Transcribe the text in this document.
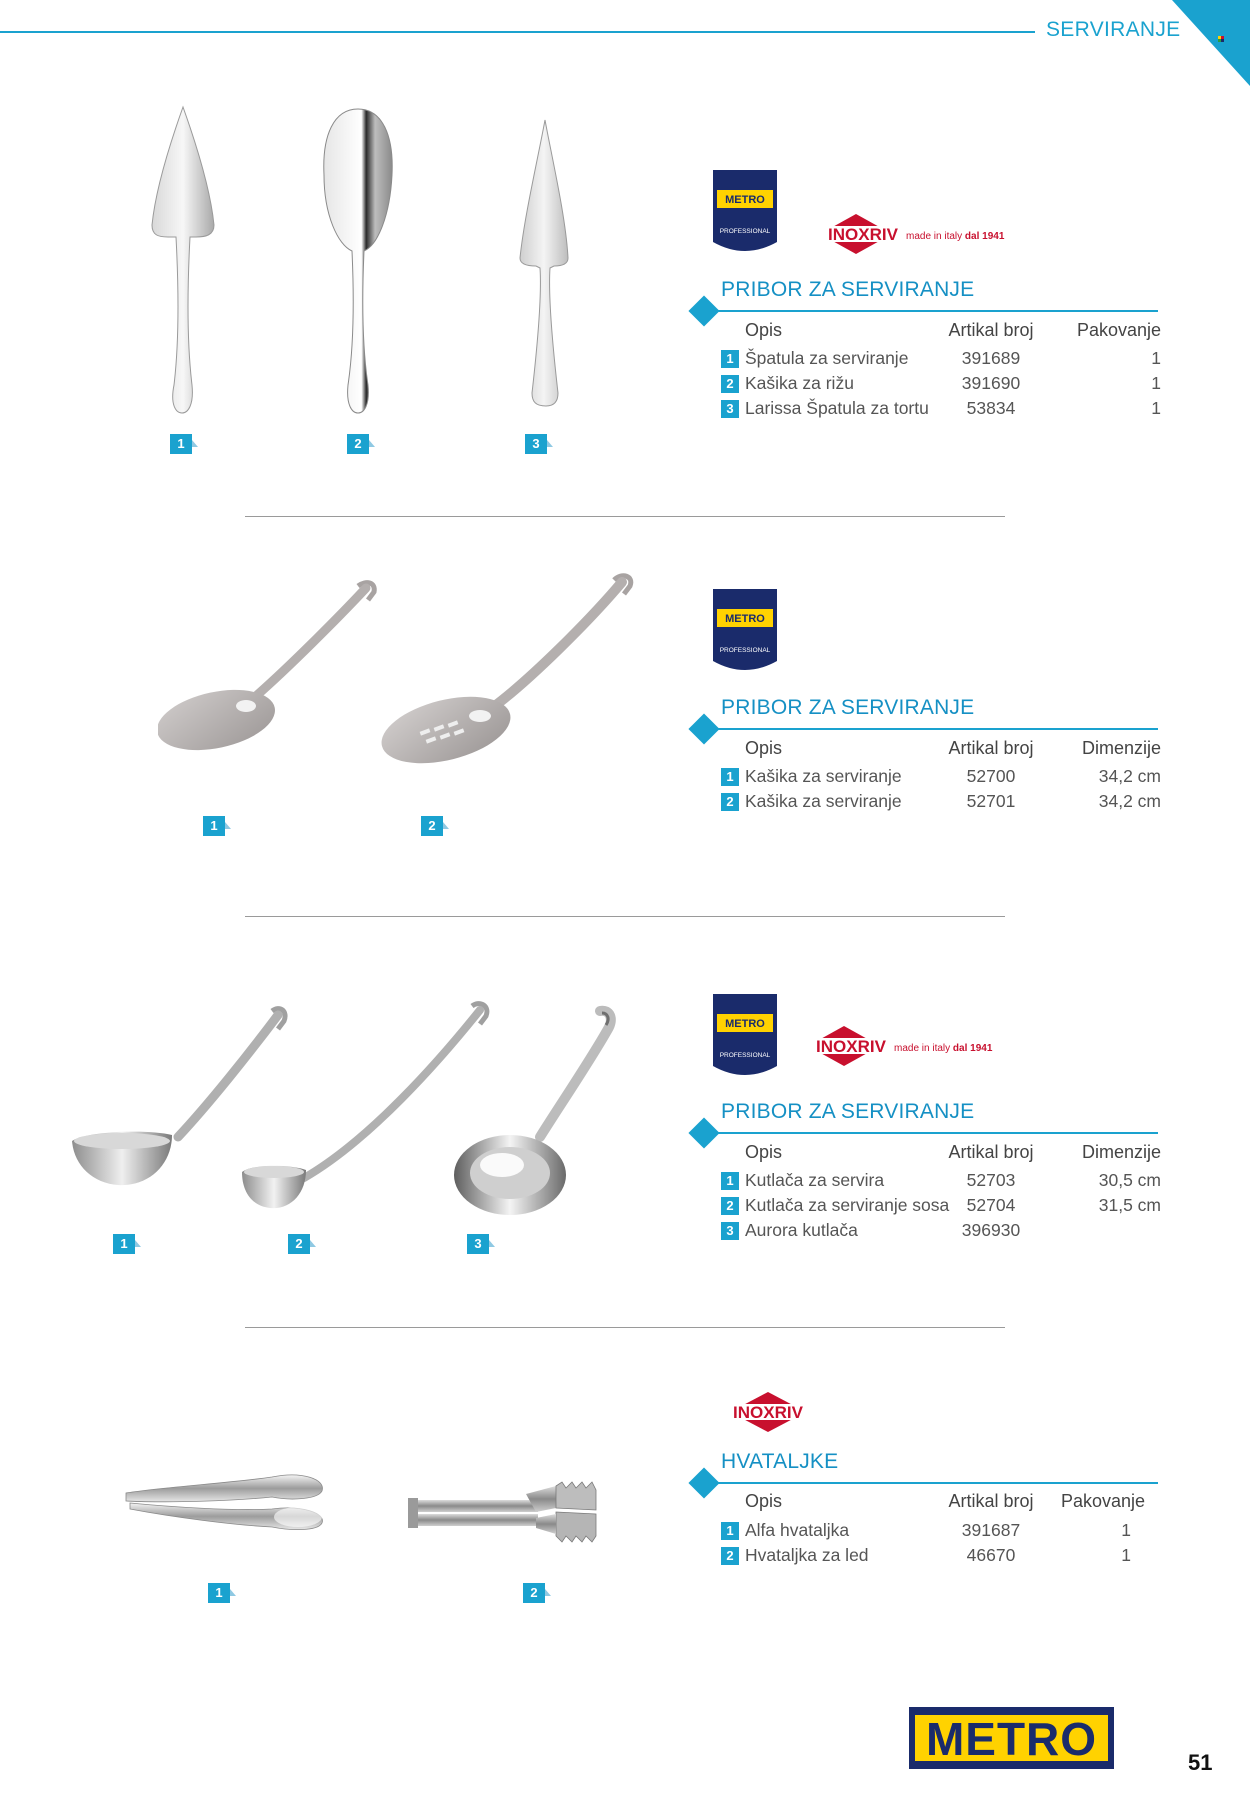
SERVIRANJE
1	2	3
METRO
PROFESSIONAL	INOXRIV made in italy dal 1941
PRIBOR ZA SERVIRANJE
Opis	Artikal broj	Pakovanje
1 Špatula za serviranje	391689	1
2 Kašika za rižu	391690	1
3 Larissa Špatula za tortu	53834	1
1	2
METRO
PROFESSIONAL
PRIBOR ZA SERVIRANJE
Opis	Artikal broj	Dimenzije
1 Kašika za serviranje	52700	34,2 cm
2 Kašika za serviranje	52701	34,2 cm
1	2	3
METRO
PROFESSIONAL	INOXRIV made in italy dal 1941
PRIBOR ZA SERVIRANJE
Opis	Artikal broj	Dimenzije
1 Kutlača za servira	52703	30,5 cm
2 Kutlača za serviranje sosa 52704	31,5 cm
3 Aurora kutlača	396930
1	2
INOXRIV
HVATALJKE
Opis	Artikal broj	Pakovanje
1 Alfa hvataljka	391687	1
2 Hvataljka za led	46670	1
METRO	51
